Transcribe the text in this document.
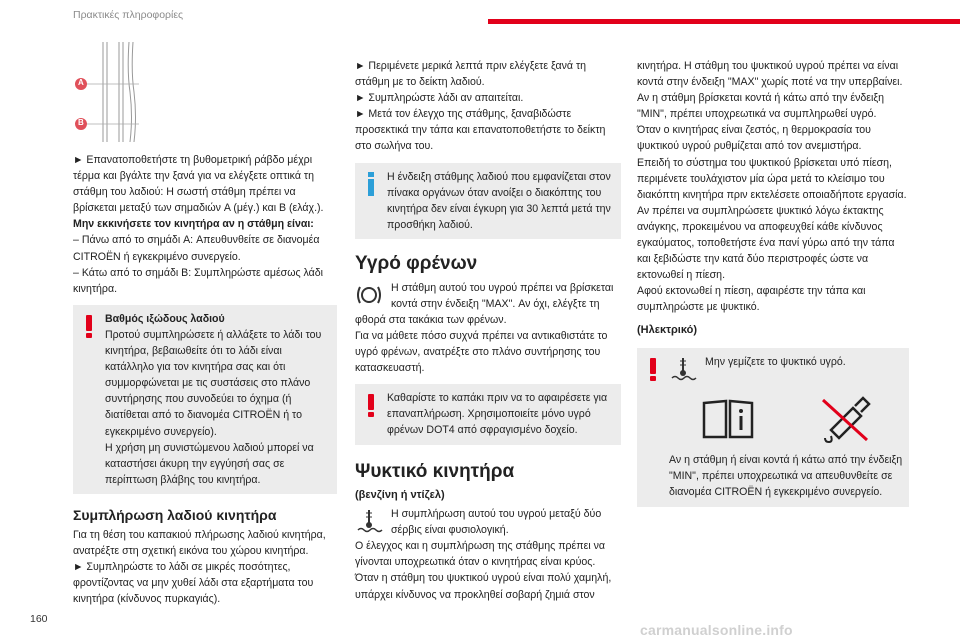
Πρακτικές πληροφορίες
160
carmanualsonline.info
A
B

► Επανατοποθετήστε τη βυθομετρική ράβδο μέχρι τέρμα και βγάλτε την ξανά για να ελέγξετε οπτικά τη στάθμη του λαδιού: Η σωστή στάθμη πρέπει να βρίσκεται μεταξύ των σημαδιών A (μέγ.) και B (ελάχ.).

Μην εκκινήσετε τον κινητήρα αν η στάθμη είναι:

– Πάνω από το σημάδι A: Απευθυνθείτε σε διανομέα CITROËN ή εγκεκριμένο συνεργείο.

– Κάτω από το σημάδι B: Συμπληρώστε αμέσως λάδι κινητήρα.

Βαθμός ιξώδους λαδιού

Προτού συμπληρώσετε ή αλλάξετε το λάδι του κινητήρα, βεβαιωθείτε ότι το λάδι είναι κατάλληλο για τον κινητήρα σας και ότι συμμορφώνεται με τις συστάσεις στο πλάνο συντήρησης που συνοδεύει το όχημα (ή διατίθεται από το διανομέα CITROËN ή το εγκεκριμένο συνεργείο).

Η χρήση μη συνιστώμενου λαδιού μπορεί να καταστήσει άκυρη την εγγύησή σας σε περίπτωση βλάβης του κινητήρα.

Συμπλήρωση λαδιού κινητήρα

Για τη θέση του καπακιού πλήρωσης λαδιού κινητήρα, ανατρέξτε στη σχετική εικόνα του χώρου κινητήρα.

► Συμπληρώστε το λάδι σε μικρές ποσότητες, φροντίζοντας να μην χυθεί λάδι στα εξαρτήματα του κινητήρα (κίνδυνος πυρκαγιάς).

► Περιμένετε μερικά λεπτά πριν ελέγξετε ξανά τη στάθμη με το δείκτη λαδιού.

► Συμπληρώστε λάδι αν απαιτείται.

► Μετά τον έλεγχο της στάθμης, ξαναβιδώστε προσεκτικά την τάπα και επανατοποθετήστε το δείκτη στο σωλήνα του.

Η ένδειξη στάθμης λαδιού που εμφανίζεται στον πίνακα οργάνων όταν ανοίξει ο διακόπτης του κινητήρα δεν είναι έγκυρη για 30 λεπτά μετά την προσθήκη λαδιού.

Υγρό φρένων

Η στάθμη αυτού του υγρού πρέπει να βρίσκεται κοντά στην ένδειξη "MAX". Αν όχι, ελέγξτε τη φθορά στα τακάκια των φρένων.

Για να μάθετε πόσο συχνά πρέπει να αντικαθιστάτε το υγρό φρένων, ανατρέξτε στο πλάνο συντήρησης του κατασκευαστή.

Καθαρίστε το καπάκι πριν να το αφαιρέσετε για επαναπλήρωση. Χρησιμοποιείτε μόνο υγρό φρένων DOT4 από σφραγισμένο δοχείο.

Ψυκτικό κινητήρα
(βενζίνη ή ντίζελ)

Η συμπλήρωση αυτού του υγρού μεταξύ δύο σέρβις είναι φυσιολογική.

Ο έλεγχος και η συμπλήρωση της στάθμης πρέπει να γίνονται υποχρεωτικά όταν ο κινητήρας είναι κρύος. Όταν η στάθμη του ψυκτικού υγρού είναι πολύ χαμηλή, υπάρχει κίνδυνος να προκληθεί σοβαρή ζημιά στον

κινητήρα. Η στάθμη του ψυκτικού υγρού πρέπει να είναι κοντά στην ένδειξη "MAX" χωρίς ποτέ να την υπερβαίνει.

Αν η στάθμη βρίσκεται κοντά ή κάτω από την ένδειξη "MIN", πρέπει υποχρεωτικά να συμπληρωθεί υγρό.

Όταν ο κινητήρας είναι ζεστός, η θερμοκρασία του ψυκτικού υγρού ρυθμίζεται από τον ανεμιστήρα.

Επειδή το σύστημα του ψυκτικού βρίσκεται υπό πίεση, περιμένετε τουλάχιστον μία ώρα μετά το κλείσιμο του διακόπτη κινητήρα πριν εκτελέσετε οποιαδήποτε εργασία.

Αν πρέπει να συμπληρώσετε ψυκτικό λόγω έκτακτης ανάγκης, προκειμένου να αποφευχθεί κάθε κίνδυνος εγκαύματος, τοποθετήστε ένα πανί γύρω από την τάπα και ξεβιδώστε την κατά δύο περιστροφές ώστε να εκτονωθεί η πίεση.

Αφού εκτονωθεί η πίεση, αφαιρέστε την τάπα και συμπληρώστε με ψυκτικό.

(Ηλεκτρικό)

Μην γεμίζετε το ψυκτικό υγρό.

Αν η στάθμη ή είναι κοντά ή κάτω από την ένδειξη "MIN", πρέπει υποχρεωτικά να απευθυνθείτε σε διανομέα CITROËN ή εγκεκριμένο συνεργείο.
